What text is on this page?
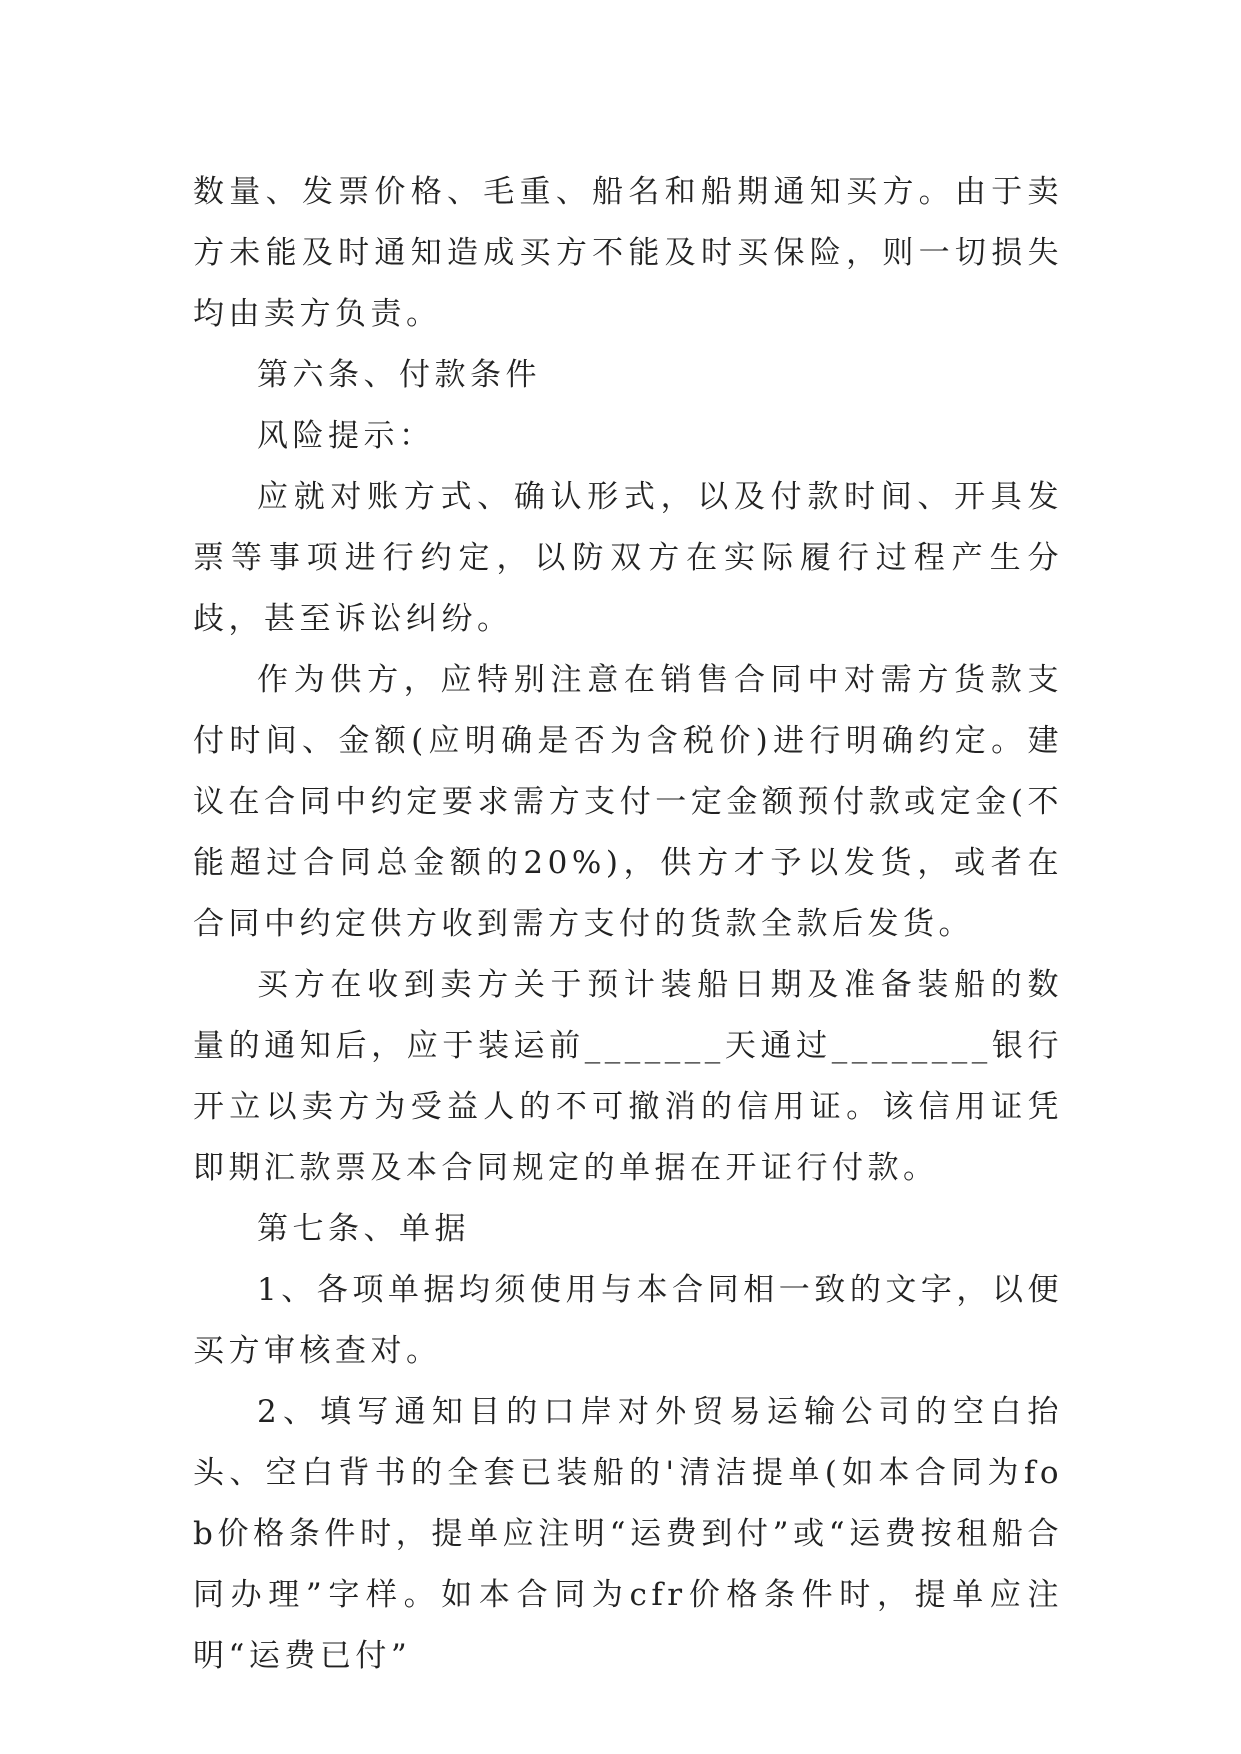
数量、发票价格、毛重、船名和船期通知买方。由于卖方未能及时通知造成买方不能及时买保险，则一切损失均由卖方负责。

第六条、付款条件

风险提示：

应就对账方式、确认形式，以及付款时间、开具发票等事项进行约定，以防双方在实际履行过程产生分歧，甚至诉讼纠纷。

作为供方，应特别注意在销售合同中对需方货款支付时间、金额(应明确是否为含税价)进行明确约定。建议在合同中约定要求需方支付一定金额预付款或定金(不能超过合同总金额的20%)，供方才予以发货，或者在合同中约定供方收到需方支付的货款全款后发货。

买方在收到卖方关于预计装船日期及准备装船的数量的通知后，应于装运前_______天通过________银行开立以卖方为受益人的不可撤消的信用证。该信用证凭即期汇款票及本合同规定的单据在开证行付款。

第七条、单据

1、各项单据均须使用与本合同相一致的文字，以便买方审核查对。

2、填写通知目的口岸对外贸易运输公司的空白抬头、空白背书的全套已装船的'清洁提单(如本合同为fob价格条件时，提单应注明“运费到付”或“运费按租船合同办理”字样。如本合同为cfr价格条件时，提单应注明“运费已付”
